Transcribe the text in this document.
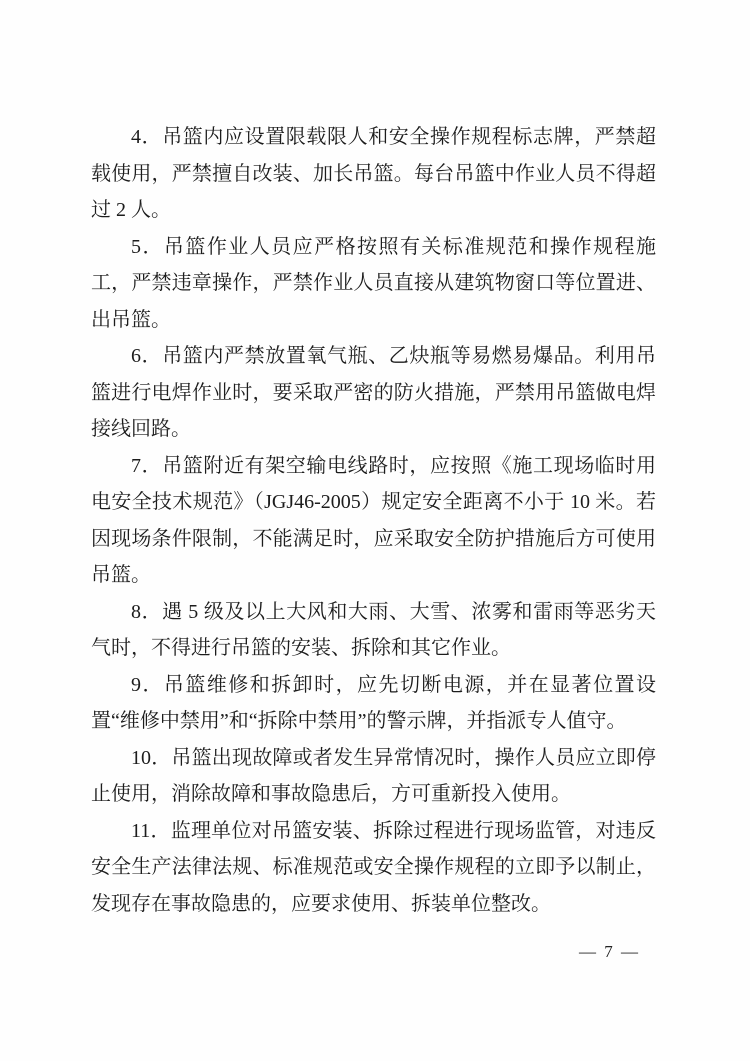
4．吊篮内应设置限载限人和安全操作规程标志牌，严禁超载使用，严禁擅自改装、加长吊篮。每台吊篮中作业人员不得超过 2 人。

5．吊篮作业人员应严格按照有关标准规范和操作规程施工，严禁违章操作，严禁作业人员直接从建筑物窗口等位置进、出吊篮。

6．吊篮内严禁放置氧气瓶、乙炔瓶等易燃易爆品。利用吊篮进行电焊作业时，要采取严密的防火措施，严禁用吊篮做电焊接线回路。

7．吊篮附近有架空输电线路时，应按照《施工现场临时用电安全技术规范》（JGJ46-2005）规定安全距离不小于 10 米。若因现场条件限制，不能满足时，应采取安全防护措施后方可使用吊篮。

8．遇 5 级及以上大风和大雨、大雪、浓雾和雷雨等恶劣天气时，不得进行吊篮的安装、拆除和其它作业。

9．吊篮维修和拆卸时，应先切断电源，并在显著位置设置“维修中禁用”和“拆除中禁用”的警示牌，并指派专人值守。

10．吊篮出现故障或者发生异常情况时，操作人员应立即停止使用，消除故障和事故隐患后，方可重新投入使用。

11．监理单位对吊篮安装、拆除过程进行现场监管，对违反安全生产法律法规、标准规范或安全操作规程的立即予以制止，发现存在事故隐患的，应要求使用、拆装单位整改。

— 7 —
